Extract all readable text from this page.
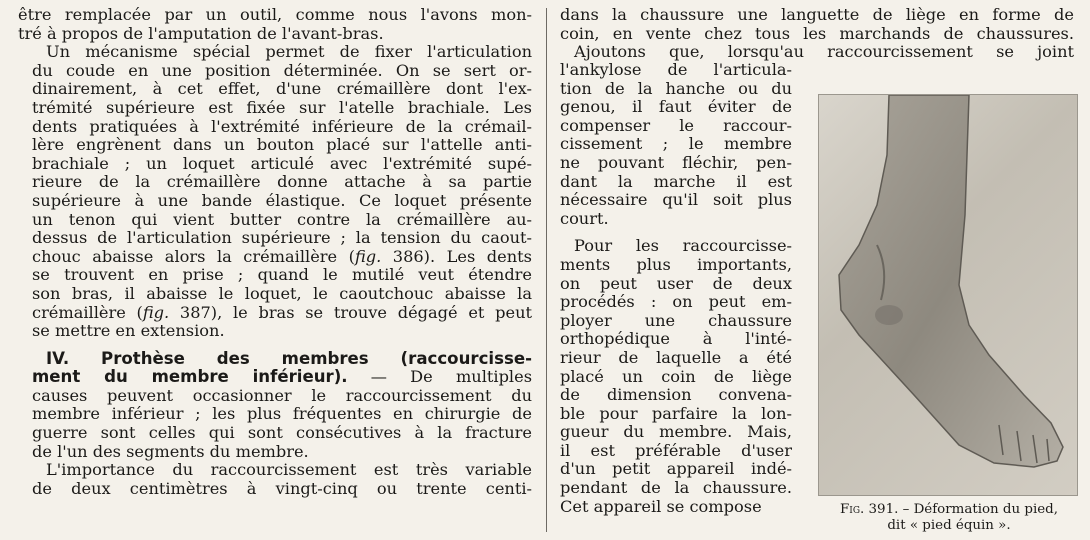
être remplacée par un outil, comme nous l'avons mon-
tré à propos de l'amputation de l'avant-bras.

Un mécanisme spécial permet de fixer l'articulation
du coude en une position déterminée. On se sert or-
dinairement, à cet effet, d'une crémaillère dont l'ex-
trémité supérieure est fixée sur l'atelle brachiale. Les
dents pratiquées à l'extrémité inférieure de la crémail-
lère engrènent dans un bouton placé sur l'attelle anti-
brachiale ; un loquet articulé avec l'extrémité supé-
rieure de la crémaillère donne attache à sa partie
supérieure à une bande élastique. Ce loquet présente
un tenon qui vient butter contre la crémaillère au-
dessus de l'articulation supérieure ; la tension du caout-
chouc abaisse alors la crémaillère (fig. 386). Les dents
se trouvent en prise ; quand le mutilé veut étendre
son bras, il abaisse le loquet, le caoutchouc abaisse la
crémaillère (fig. 387), le bras se trouve dégagé et peut
se mettre en extension.

IV. Prothèse des membres (raccourcisse-
ment du membre inférieur). — De multiples
causes peuvent occasionner le raccourcissement du
membre inférieur ; les plus fréquentes en chirurgie de
guerre sont celles qui sont consécutives à la fracture
de l'un des segments du membre.

L'importance du raccourcissement est très variable
de deux centimètres à vingt-cinq ou trente centi-

dans la chaussure une languette de liège en forme de
coin, en vente chez tous les marchands de chaussures.
Ajoutons que, lorsqu'au raccourcissement se joint
l'ankylose de l'articula-
tion de la hanche ou du
genou, il faut éviter de
compenser le raccour-
cissement ; le membre
ne pouvant fléchir, pen-
dant la marche il est
nécessaire qu'il soit plus
court.
Pour les raccourcisse-
ments plus importants,
on peut user de deux
procédés : on peut em-
ployer une chaussure
orthopédique à l'inté-
rieur de laquelle a été
placé un coin de liège
de dimension convena-
ble pour parfaire la lon-
gueur du membre. Mais,
il est préférable d'user
d'un petit appareil indé-
pendant de la chaussure.
Cet appareil se compose	Fig. 391. – Déformation du pied,
dit « pied équin ».
